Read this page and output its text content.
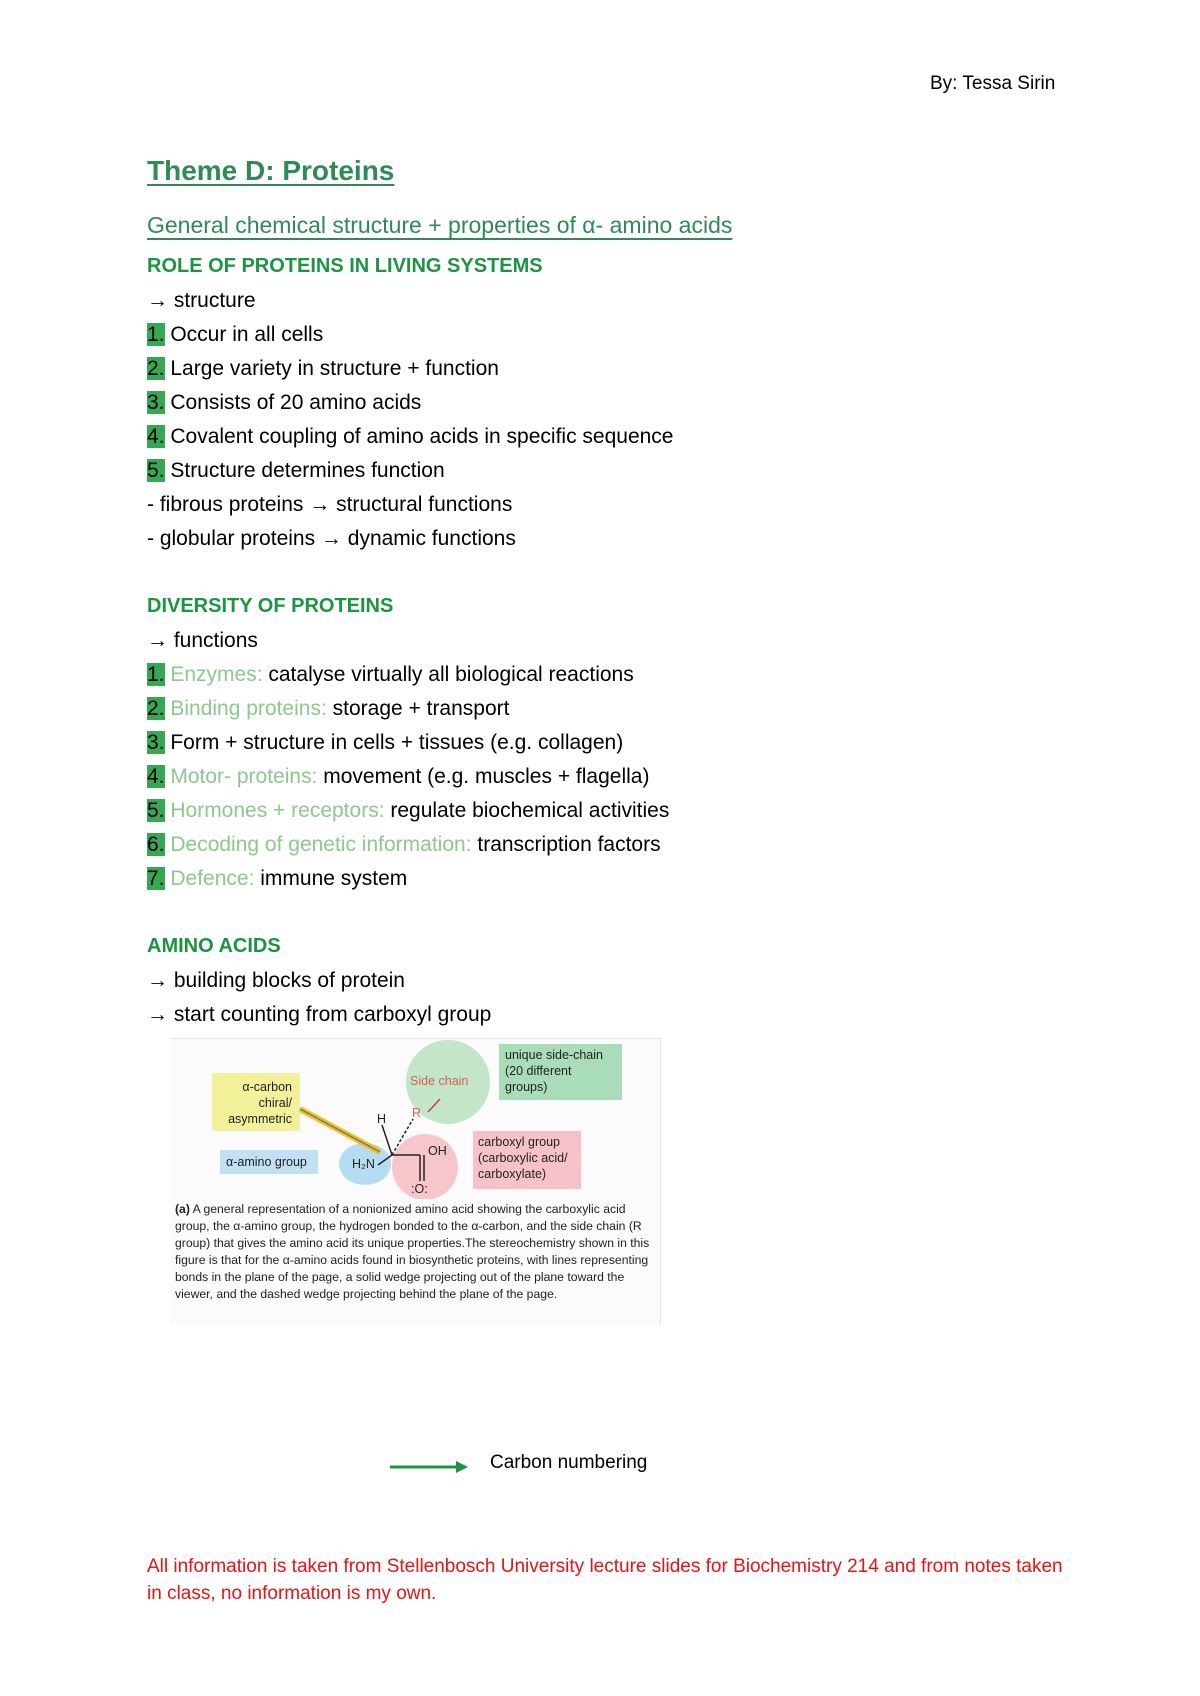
By: Tessa Sirin
Theme D: Proteins
General chemical structure + properties of α- amino acids
ROLE OF PROTEINS IN LIVING SYSTEMS
→ structure
1. Occur in all cells
2. Large variety in structure + function
3. Consists of 20 amino acids
4. Covalent coupling of amino acids in specific sequence
5. Structure determines function
- fibrous proteins → structural functions
- globular proteins → dynamic functions
DIVERSITY OF PROTEINS
→ functions
1. Enzymes: catalyse virtually all biological reactions
2. Binding proteins: storage + transport
3. Form + structure in cells + tissues (e.g. collagen)
4. Motor- proteins: movement (e.g. muscles + flagella)
5. Hormones + receptors: regulate biochemical activities
6. Decoding of genetic information: transcription factors
7. Defence: immune system
AMINO ACIDS
→ building blocks of protein
→ start counting from carboxyl group
α-carbon
chiral/
asymmetric
unique side-chain
(20 different
groups)
carboxyl group
(carboxylic acid/
carboxylate)
α-amino group
Side chain
H R
H₂N
OH
:O:
(a) A general representation of a nonionized amino acid showing the carboxylic acid group, the α-amino group, the hydrogen bonded to the α-carbon, and the side chain (R group) that gives the amino acid its unique properties.The stereochemistry shown in this figure is that for the α-amino acids found in biosynthetic proteins, with lines representing bonds in the plane of the page, a solid wedge projecting out of the plane toward the viewer, and the dashed wedge projecting behind the plane of the page.
Carbon numbering
All information is taken from Stellenbosch University lecture slides for Biochemistry 214 and from notes taken in class, no information is my own.
